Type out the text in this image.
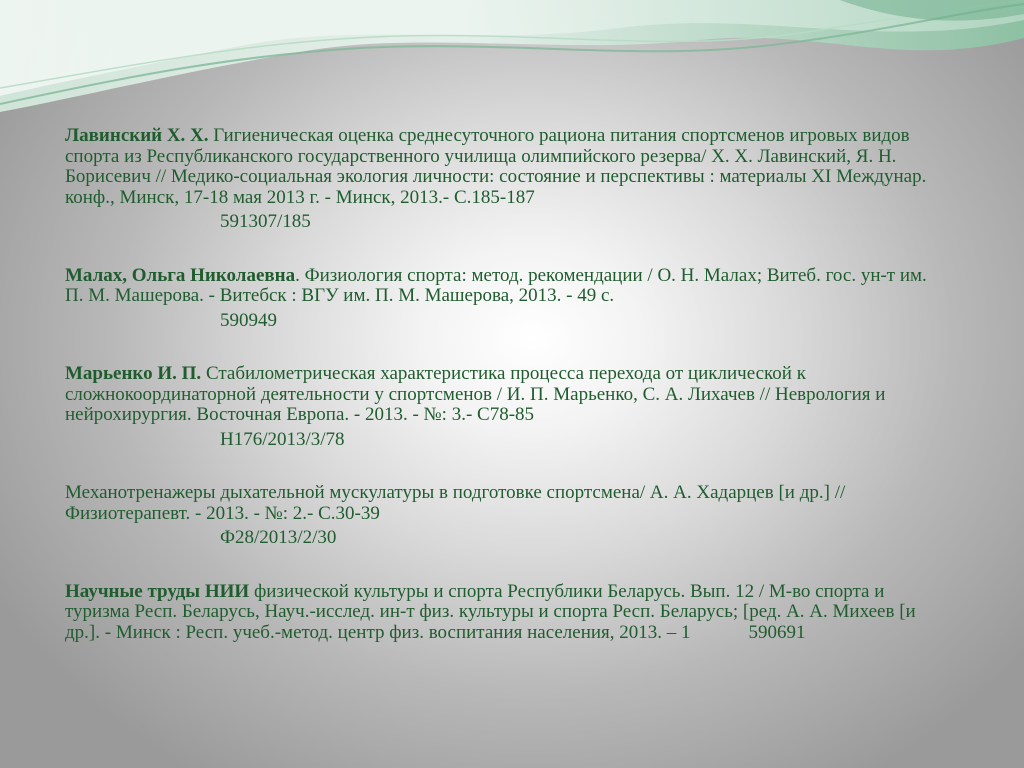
Лавинский Х. Х. Гигиеническая оценка среднесуточного рациона питания спортсменов игровых видов спорта из Республиканского государственного училища олимпийского резерва/ Х. Х. Лавинский, Я. Н. Борисевич // Медико-социальная экология личности: состояние и перспективы : материалы XI Междунар. конф., Минск, 17-18 мая 2013 г. - Минск, 2013.- С.185-187

591307/185

Малах, Ольга Николаевна. Физиология спорта: метод. рекомендации / О. Н. Малах; Витеб. гос. ун-т им. П. М. Машерова. - Витебск : ВГУ им. П. М. Машерова, 2013. - 49 с.

590949

Марьенко И. П. Стабилометрическая характеристика процесса перехода от циклической к сложнокоординаторной деятельности у спортсменов / И. П. Марьенко, С. А. Лихачев // Неврология и нейрохирургия. Восточная Европа. - 2013. - №: 3.- С78-85

Н176/2013/3/78

Механотренажеры дыхательной мускулатуры в подготовке спортсмена/ А. А. Хадарцев [и др.] // Физиотерапевт. - 2013. - №: 2.- С.30-39

Ф28/2013/2/30

Научные труды НИИ физической культуры и спорта Республики Беларусь. Вып. 12 / М-во спорта и туризма Респ. Беларусь, Науч.-исслед. ин-т физ. культуры и спорта Респ. Беларусь; [ред. А. А. Михеев [и др.]. - Минск : Респ. учеб.-метод. центр физ. воспитания населения, 2013. – 1	590691
